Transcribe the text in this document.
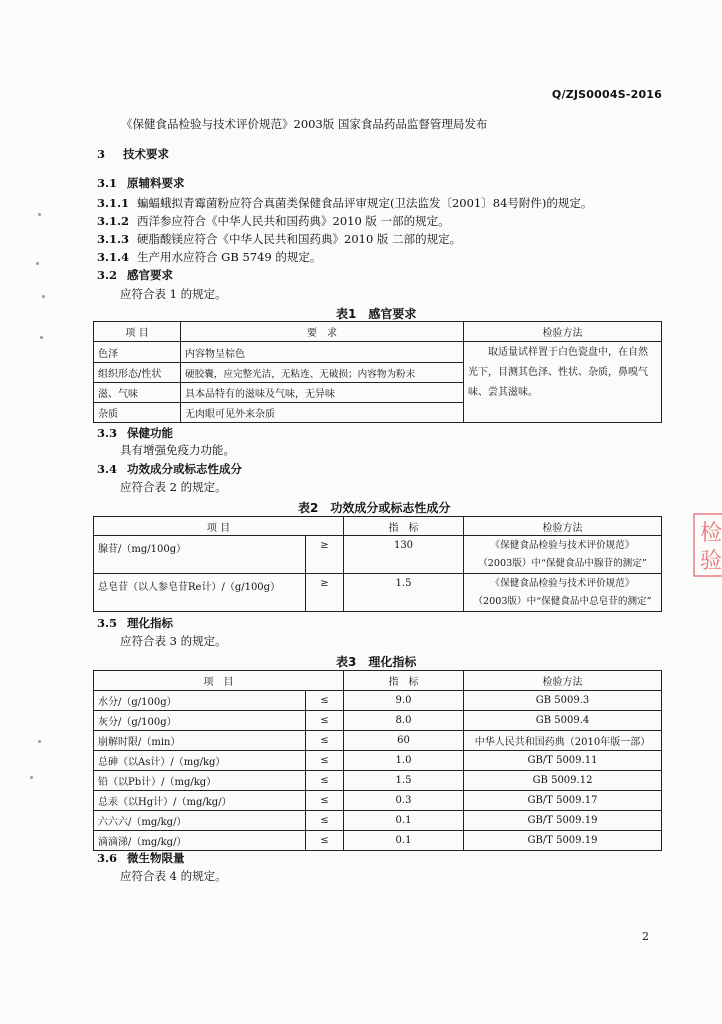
Q/ZJS0004S-2016
《保健食品检验与技术评价规范》2003版 国家食品药品监督管理局发布
3 技术要求
3.1 原辅料要求
3.1.1 蝙蝠蛾拟青霉菌粉应符合真菌类保健食品评审规定(卫法监发〔2001〕84号附件)的规定。
3.1.2 西洋参应符合《中华人民共和国药典》2010 版 一部的规定。
3.1.3 硬脂酸镁应符合《中华人民共和国药典》2010 版 二部的规定。
3.1.4 生产用水应符合 GB 5749 的规定。
3.2 感官要求
应符合表 1 的规定。
表1　感官要求
项 目	要　求	检验方法
色泽	内容物呈棕色	取适量试样置于白色瓷盘中，在自然光下，目测其色泽、性状、杂质，鼻嗅气味、尝其滋味。
组织形态/性状	硬胶囊，应完整光洁，无粘连、无破损；内容物为粉末	
滋、气味	具本品特有的滋味及气味，无异味	
杂质	无肉眼可见外来杂质	
3.3 保健功能
具有增强免疫力功能。
3.4 功效成分或标志性成分
应符合表 2 的规定。
表2　功效成分或标志性成分
项 目		指　标	检验方法
腺苷/（mg/100g）	≥	130	《保健食品检验与技术评价规范》
（2003版）中“保健食品中腺苷的测定”

总皂苷（以人参皂苷Re计）/（g/100g）	≥	1.5	《保健食品检验与技术评价规范》
（2003版）中“保健食品中总皂苷的测定”
3.5 理化指标
应符合表 3 的规定。
表3　理化指标
项　目		指　标	检验方法
水分/（g/100g）	≤	9.0	GB 5009.3
灰分/（g/100g）	≤	8.0	GB 5009.4
崩解时限/（min）	≤	60	中华人民共和国药典（2010年版一部）
总砷（以As计）/（mg/kg）	≤	1.0	GB/T 5009.11
铅（以Pb计）/（mg/kg）	≤	1.5	GB 5009.12
总汞（以Hg计）/（mg/kg/）	≤	0.3	GB/T 5009.17
六六六/（mg/kg/）	≤	0.1	GB/T 5009.19
滴滴涕/（mg/kg/）	≤	0.1	GB/T 5009.19
3.6 微生物限量
应符合表 4 的规定。
2
检
验
